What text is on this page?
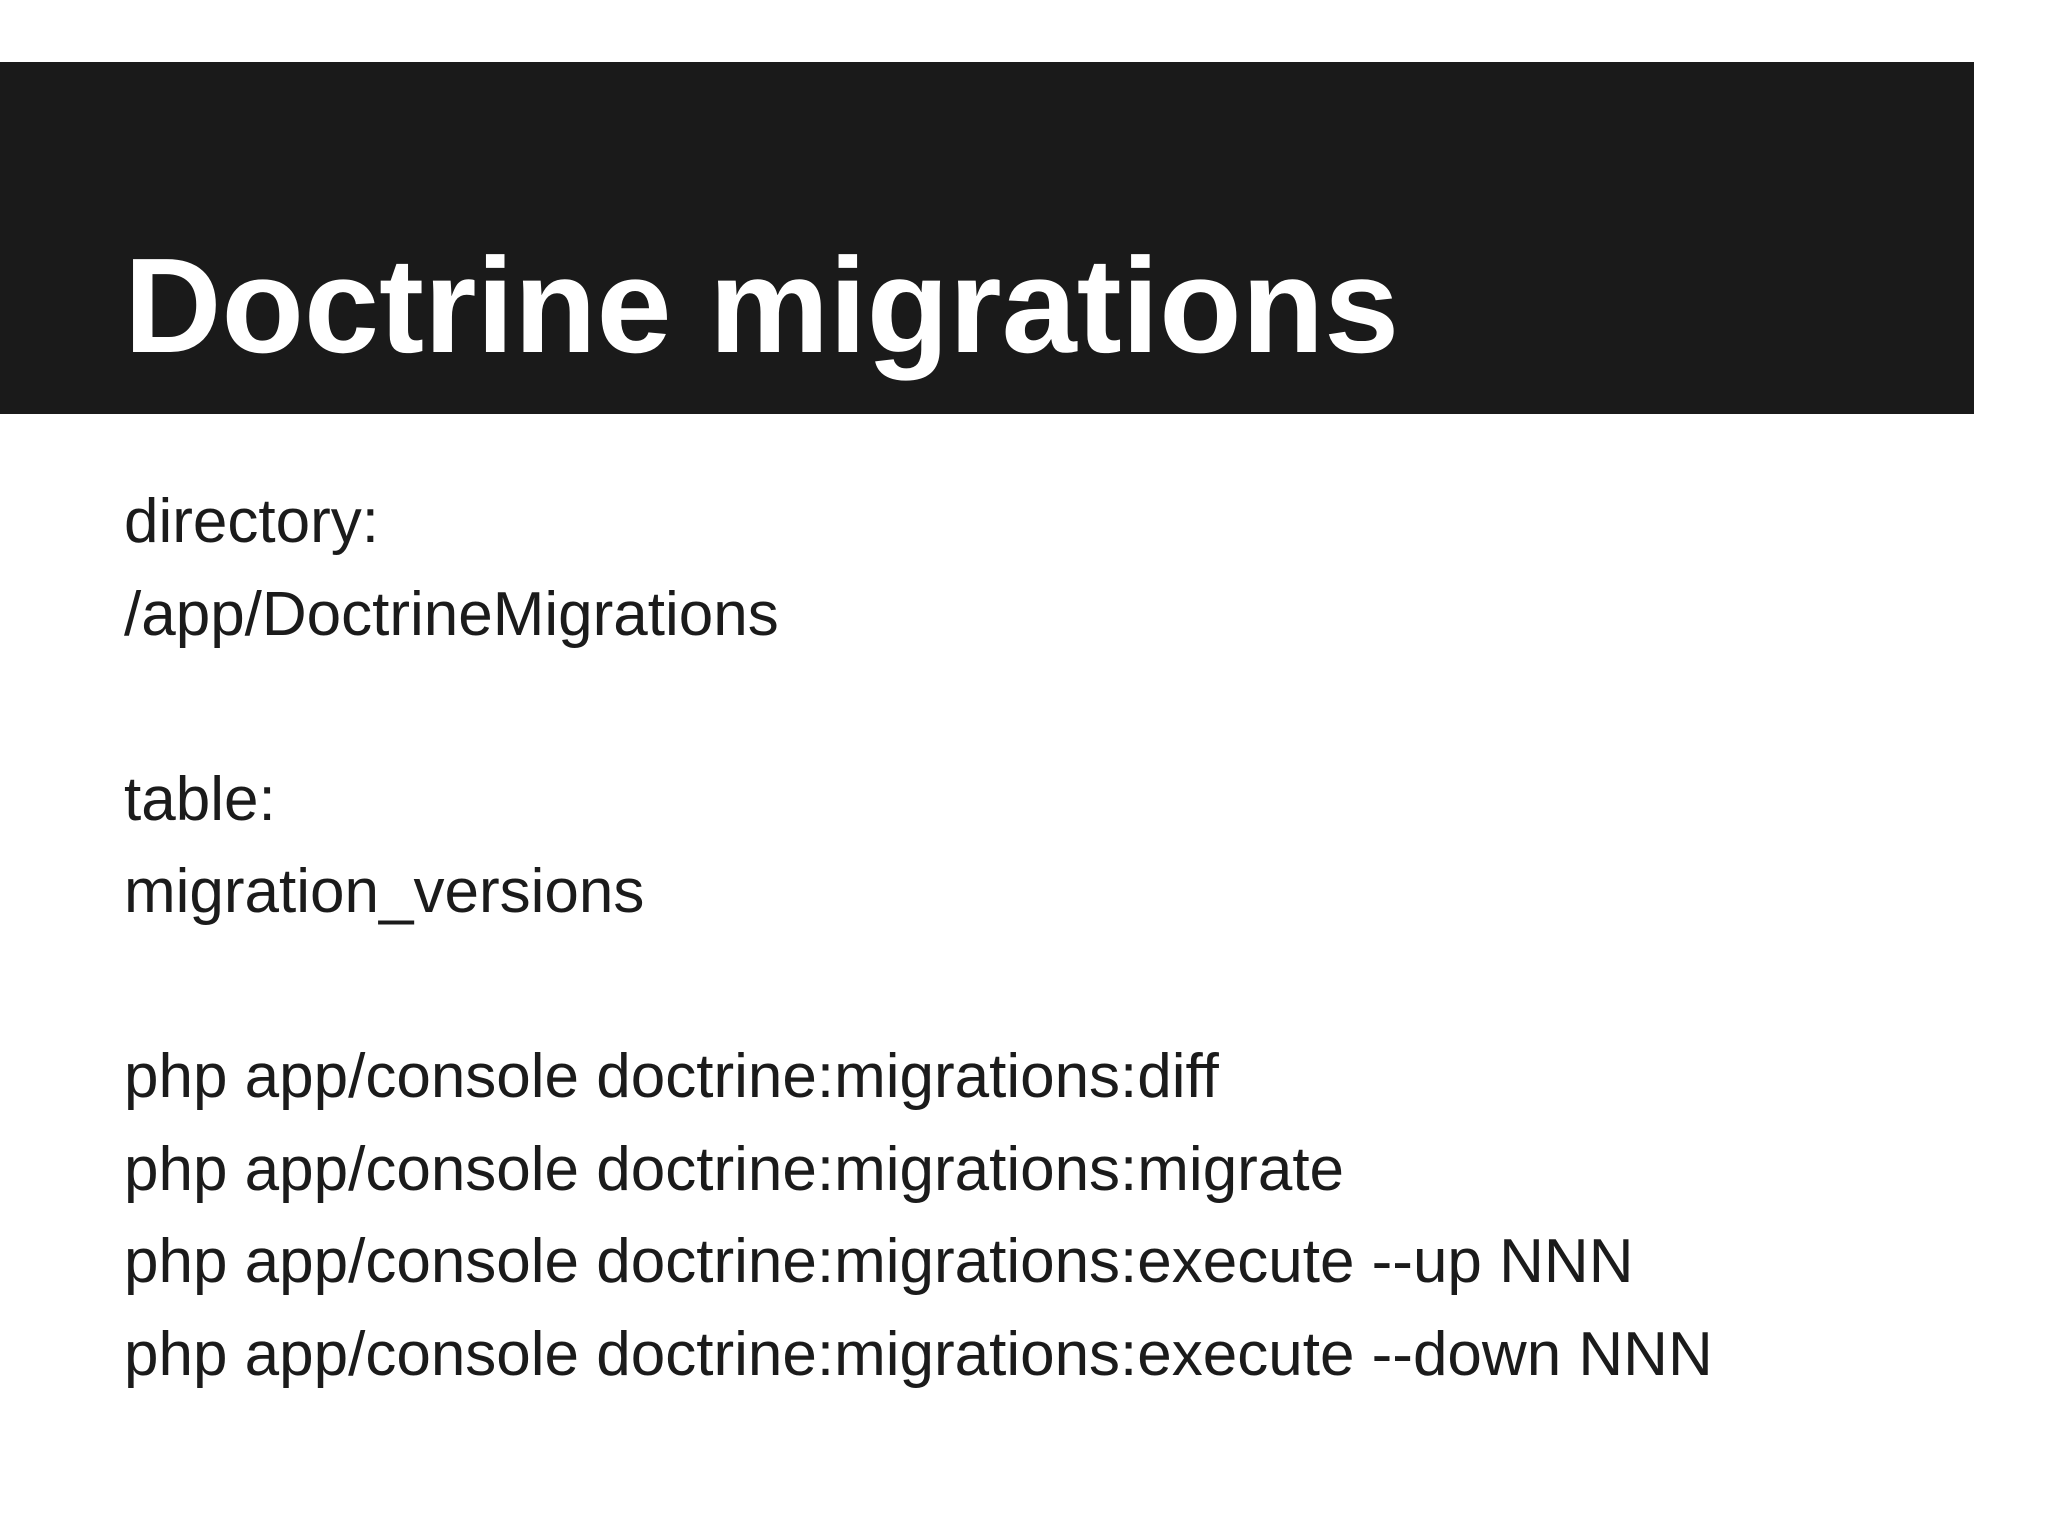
Doctrine migrations
directory:
/app/DoctrineMigrations
table:
migration_versions
php app/console doctrine:migrations:diff
php app/console doctrine:migrations:migrate
php app/console doctrine:migrations:execute --up NNN
php app/console doctrine:migrations:execute --down NNN
